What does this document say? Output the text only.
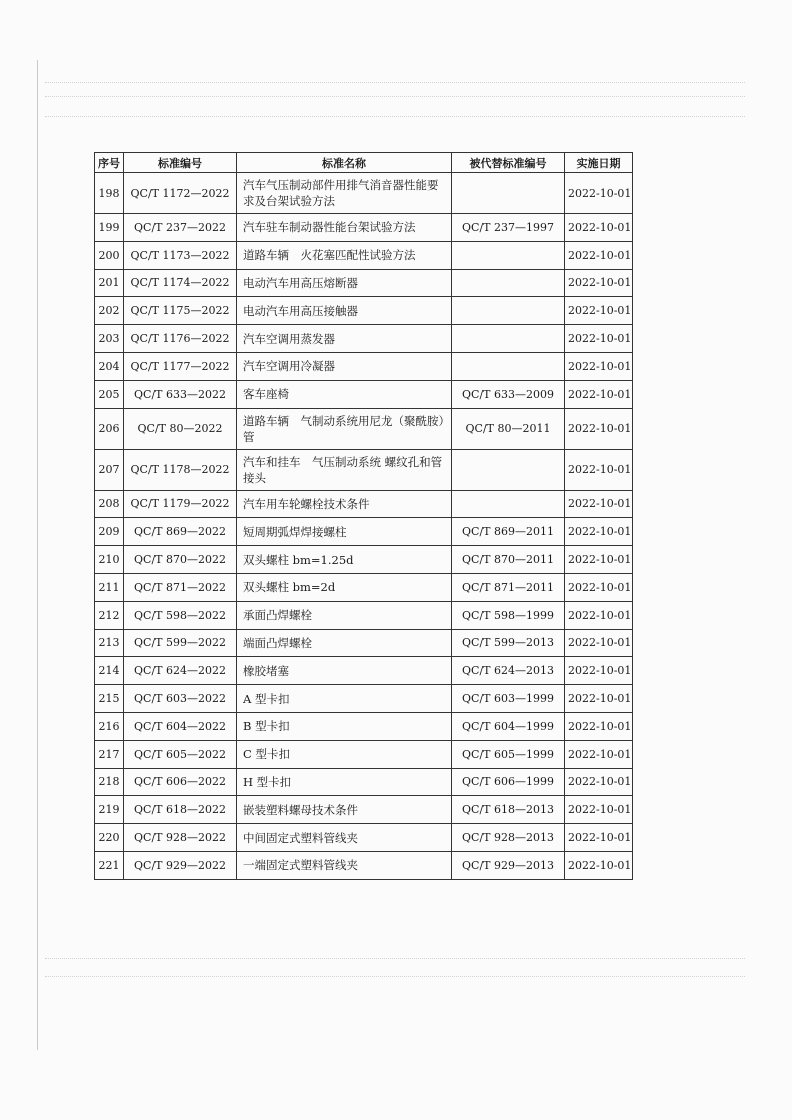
序号	标准编号	标准名称	被代替标准编号	实施日期
198	QC/T 1172—2022	汽车气压制动部件用排气消音器性能要求及台架试验方法		2022-10-01
199	QC/T 237—2022	汽车驻车制动器性能台架试验方法	QC/T 237—1997	2022-10-01
200	QC/T 1173—2022	道路车辆　火花塞匹配性试验方法		2022-10-01
201	QC/T 1174—2022	电动汽车用高压熔断器		2022-10-01
202	QC/T 1175—2022	电动汽车用高压接触器		2022-10-01
203	QC/T 1176—2022	汽车空调用蒸发器		2022-10-01
204	QC/T 1177—2022	汽车空调用冷凝器		2022-10-01
205	QC/T 633—2022	客车座椅	QC/T 633—2009	2022-10-01
206	QC/T 80—2022	道路车辆　气制动系统用尼龙（聚酰胺）管	QC/T 80—2011	2022-10-01
207	QC/T 1178—2022	汽车和挂车　气压制动系统 螺纹孔和管接头		2022-10-01
208	QC/T 1179—2022	汽车用车轮螺栓技术条件		2022-10-01
209	QC/T 869—2022	短周期弧焊焊接螺柱	QC/T 869—2011	2022-10-01
210	QC/T 870—2022	双头螺柱 bm=1.25d	QC/T 870—2011	2022-10-01
211	QC/T 871—2022	双头螺柱 bm=2d	QC/T 871—2011	2022-10-01
212	QC/T 598—2022	承面凸焊螺栓	QC/T 598—1999	2022-10-01
213	QC/T 599—2022	端面凸焊螺栓	QC/T 599—2013	2022-10-01
214	QC/T 624—2022	橡胶堵塞	QC/T 624—2013	2022-10-01
215	QC/T 603—2022	A 型卡扣	QC/T 603—1999	2022-10-01
216	QC/T 604—2022	B 型卡扣	QC/T 604—1999	2022-10-01
217	QC/T 605—2022	C 型卡扣	QC/T 605—1999	2022-10-01
218	QC/T 606—2022	H 型卡扣	QC/T 606—1999	2022-10-01
219	QC/T 618—2022	嵌装塑料螺母技术条件	QC/T 618—2013	2022-10-01
220	QC/T 928—2022	中间固定式塑料管线夹	QC/T 928—2013	2022-10-01
221	QC/T 929—2022	一端固定式塑料管线夹	QC/T 929—2013	2022-10-01
